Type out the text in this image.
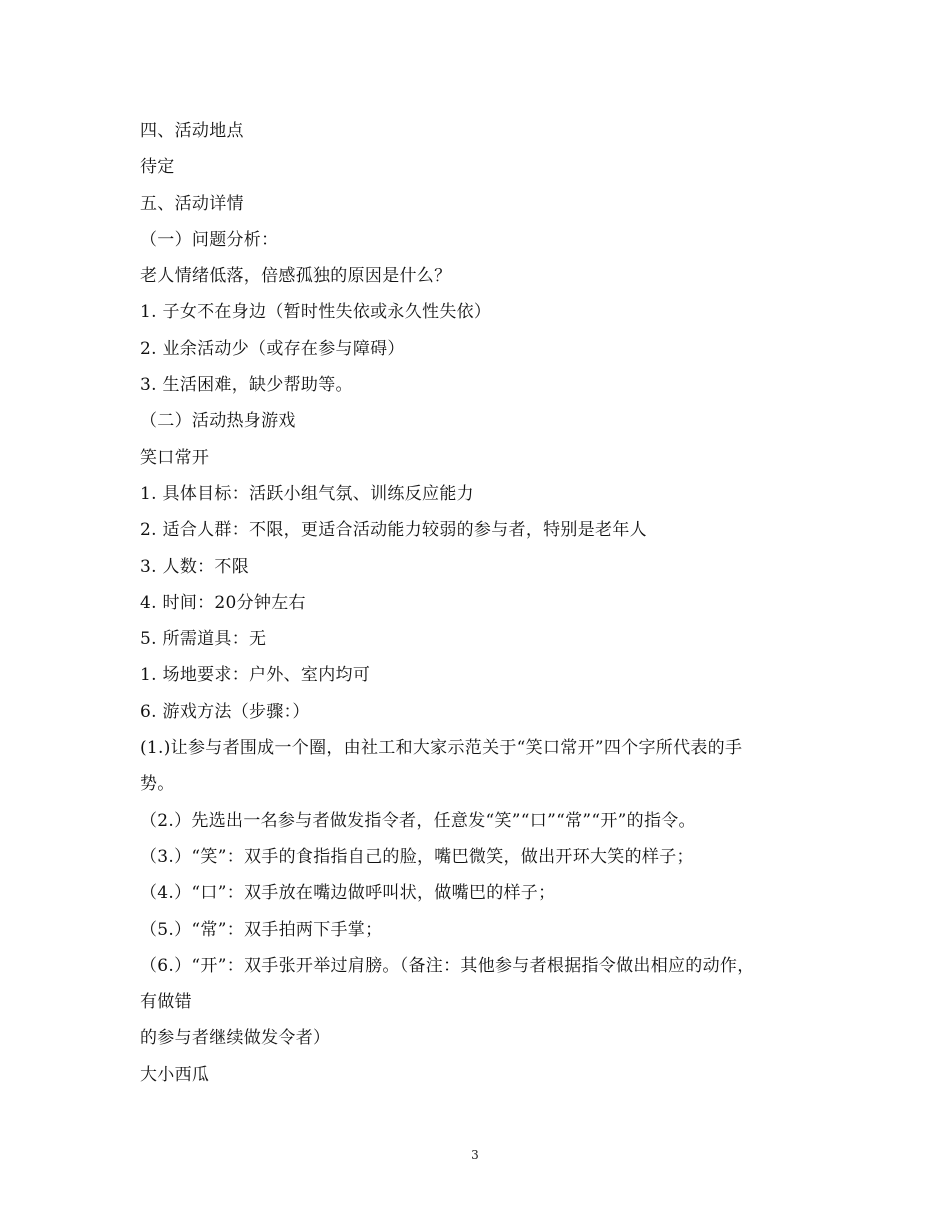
四、活动地点
待定
五、活动详情
（一）问题分析：
老人情绪低落，倍感孤独的原因是什么？
1. 子女不在身边（暂时性失依或永久性失依）
2. 业余活动少（或存在参与障碍）
3. 生活困难，缺少帮助等。
（二）活动热身游戏
笑口常开
1. 具体目标：活跃小组气氛、训练反应能力
2. 适合人群：不限，更适合活动能力较弱的参与者，特别是老年人
3. 人数：不限
4. 时间：20分钟左右
5. 所需道具：无
1. 场地要求：户外、室内均可
6. 游戏方法（步骤：）
(1.)让参与者围成一个圈，由社工和大家示范关于“笑口常开”四个字所代表的手
势。
（2.）先选出一名参与者做发指令者，任意发“笑”“口”“常”“开”的指令。
（3.）“笑”：双手的食指指自己的脸，嘴巴微笑，做出开环大笑的样子；
（4.）“口”：双手放在嘴边做呼叫状，做嘴巴的样子；
（5.）“常”：双手拍两下手掌；
（6.）“开”：双手张开举过肩膀。（备注：其他参与者根据指令做出相应的动作，
有做错
的参与者继续做发令者）
大小西瓜
3
